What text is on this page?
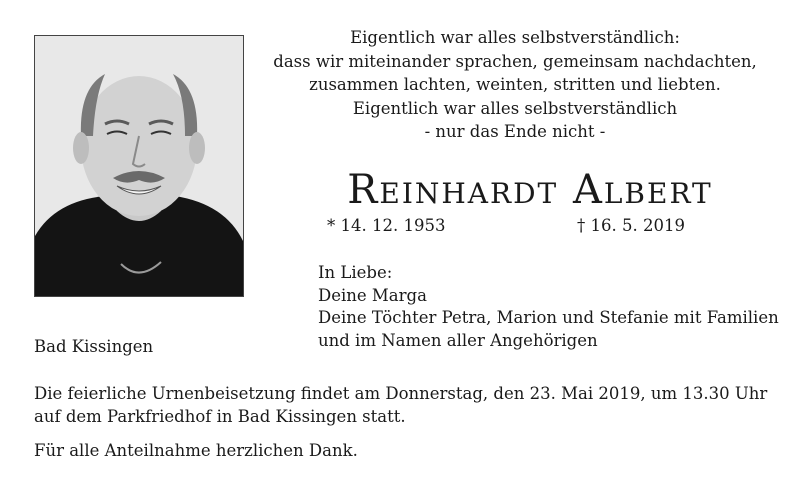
Bad Kissingen
Eigentlich war alles selbstverständlich:
dass wir miteinander sprachen, gemeinsam nachdachten,
zusammen lachten, weinten, stritten und liebten.
Eigentlich war alles selbstverständlich
- nur das Ende nicht -
Reinhardt Albert
* 14. 12. 1953	† 16. 5. 2019
In Liebe:
Deine Marga
Deine Töchter Petra, Marion und Stefanie mit Familien
und im Namen aller Angehörigen
Die feierliche Urnenbeisetzung findet am Donnerstag, den 23. Mai 2019, um 13.30 Uhr
auf dem Parkfriedhof in Bad Kissingen statt.
Für alle Anteilnahme herzlichen Dank.
